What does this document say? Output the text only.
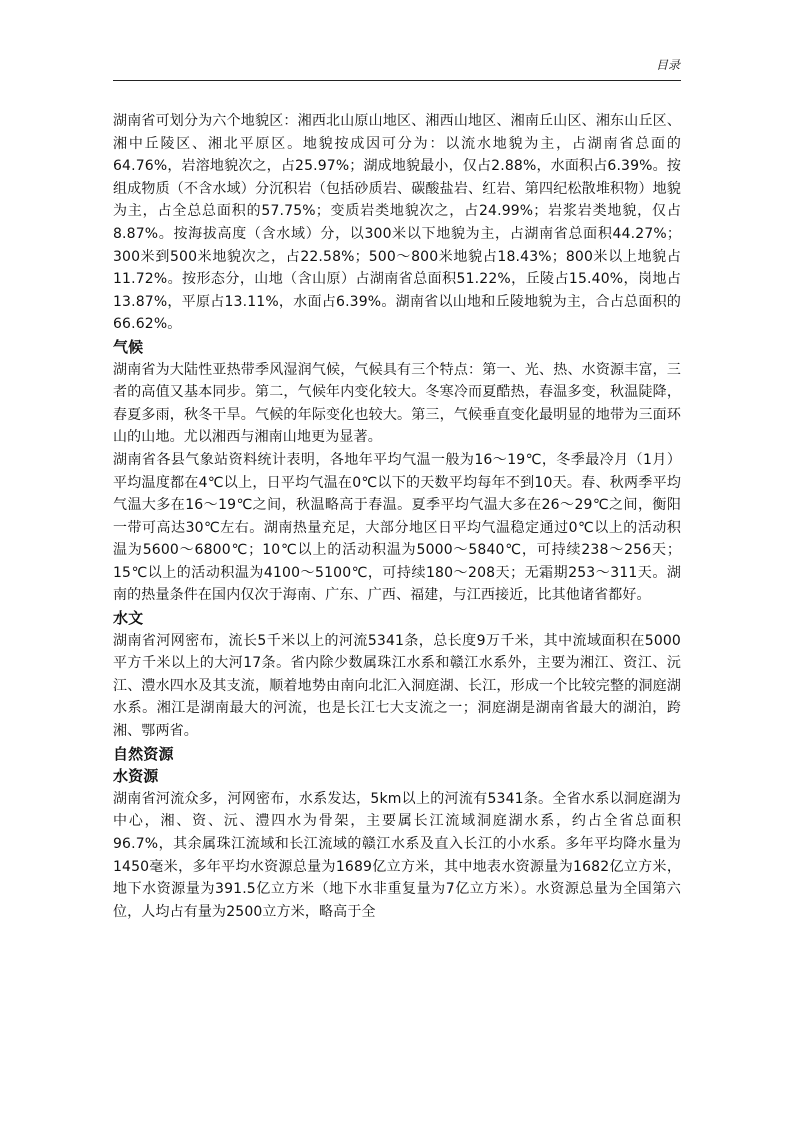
目录

湖南省可划分为六个地貌区：湘西北山原山地区、湘西山地区、湘南丘山区、湘东山丘区、湘中丘陵区、湘北平原区。地貌按成因可分为：以流水地貌为主，占湖南省总面的64.76%，岩溶地貌次之，占25.97%；湖成地貌最小，仅占2.88%，水面积占6.39%。按组成物质（不含水域）分沉积岩（包括砂质岩、碳酸盐岩、红岩、第四纪松散堆积物）地貌为主，占全总总面积的57.75%；变质岩类地貌次之，占24.99%；岩浆岩类地貌，仅占8.87%。按海拔高度（含水域）分，以300米以下地貌为主，占湖南省总面积44.27%；300米到500米地貌次之，占22.58%；500～800米地貌占18.43%；800米以上地貌占11.72%。按形态分，山地（含山原）占湖南省总面积51.22%，丘陵占15.40%，岗地占13.87%，平原占13.11%，水面占6.39%。湖南省以山地和丘陵地貌为主，合占总面积的66.62%。

气候

湖南省为大陆性亚热带季风湿润气候，气候具有三个特点：第一、光、热、水资源丰富，三者的高值又基本同步。第二，气候年内变化较大。冬寒冷而夏酷热，春温多变，秋温陡降，春夏多雨，秋冬干旱。气候的年际变化也较大。第三，气候垂直变化最明显的地带为三面环山的山地。尤以湘西与湘南山地更为显著。

湖南省各县气象站资料统计表明，各地年平均气温一般为16～19℃，冬季最冷月（1月）平均温度都在4℃以上，日平均气温在0℃以下的天数平均每年不到10天。春、秋两季平均气温大多在16～19℃之间，秋温略高于春温。夏季平均气温大多在26～29℃之间，衡阳一带可高达30℃左右。湖南热量充足，大部分地区日平均气温稳定通过0℃以上的活动积温为5600～6800℃；10℃以上的活动积温为5000～5840℃，可持续238～256天；15℃以上的活动积温为4100～5100℃，可持续180～208天；无霜期253～311天。湖南的热量条件在国内仅次于海南、广东、广西、福建，与江西接近，比其他诸省都好。

水文

湖南省河网密布，流长5千米以上的河流5341条，总长度9万千米，其中流域面积在5000平方千米以上的大河17条。省内除少数属珠江水系和赣江水系外，主要为湘江、资江、沅江、澧水四水及其支流，顺着地势由南向北汇入洞庭湖、长江，形成一个比较完整的洞庭湖水系。湘江是湖南最大的河流，也是长江七大支流之一；洞庭湖是湖南省最大的湖泊，跨湘、鄂两省。

自然资源
水资源

湖南省河流众多，河网密布，水系发达，5km以上的河流有5341条。全省水系以洞庭湖为中心，湘、资、沅、澧四水为骨架，主要属长江流域洞庭湖水系，约占全省总面积96.7%，其余属珠江流域和长江流域的赣江水系及直入长江的小水系。多年平均降水量为1450毫米，多年平均水资源总量为1689亿立方米，其中地表水资源量为1682亿立方米，地下水资源量为391.5亿立方米（地下水非重复量为7亿立方米）。水资源总量为全国第六位，人均占有量为2500立方米，略高于全
